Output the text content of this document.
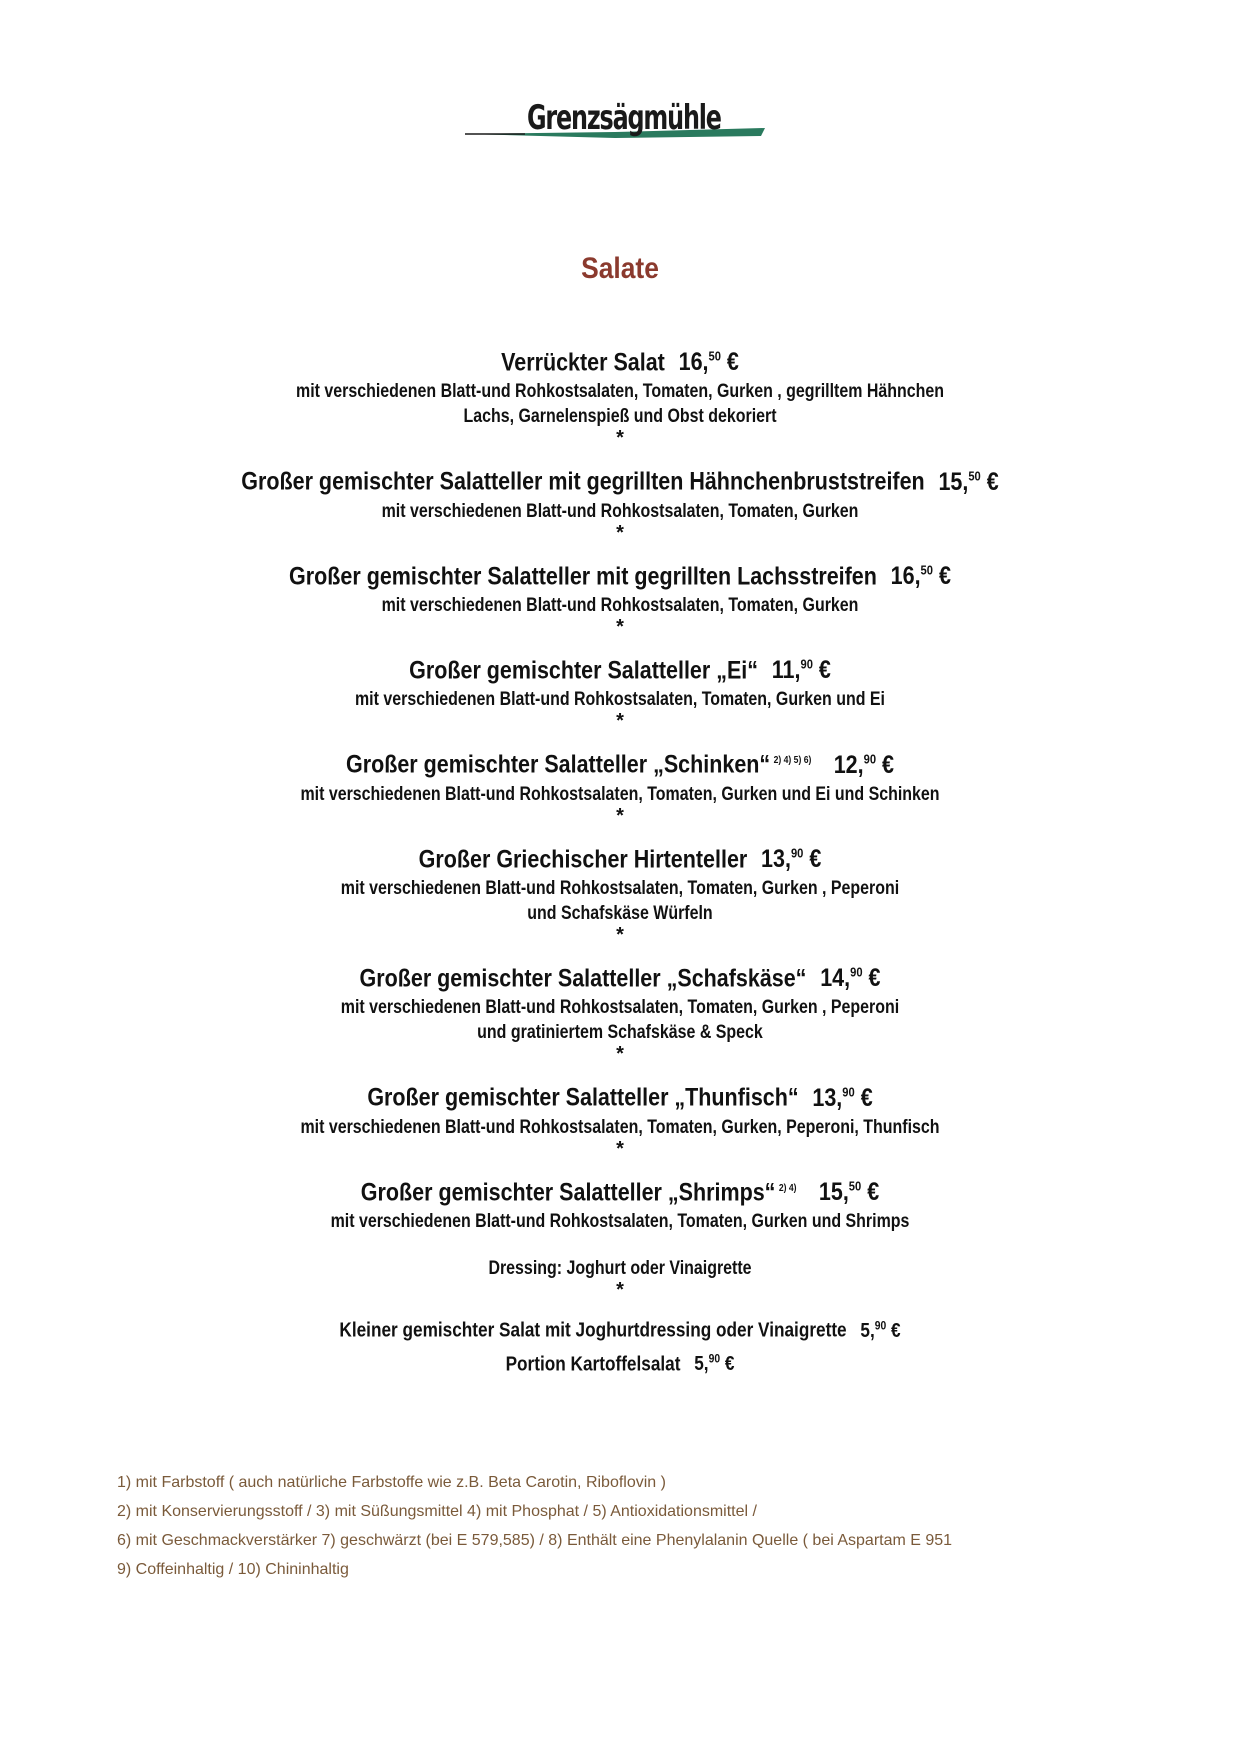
Grenzsägmühle
Salate
Verrückter Salat 16,50 €
mit verschiedenen Blatt-und Rohkostsalaten, Tomaten, Gurken , gegrilltem Hähnchen
Lachs, Garnelenspieß und Obst dekoriert
*
Großer gemischter Salatteller mit gegrillten Hähnchenbruststreifen 15,50 €
mit verschiedenen Blatt-und Rohkostsalaten, Tomaten, Gurken
*
Großer gemischter Salatteller mit gegrillten Lachsstreifen 16,50 €
mit verschiedenen Blatt-und Rohkostsalaten, Tomaten, Gurken
*
Großer gemischter Salatteller „Ei“ 11,90 €
mit verschiedenen Blatt-und Rohkostsalaten, Tomaten, Gurken und Ei
*
Großer gemischter Salatteller „Schinken“ $^{2) 4) 5) 6)}$ 12,90 €
mit verschiedenen Blatt-und Rohkostsalaten, Tomaten, Gurken und Ei und Schinken
*
Großer Griechischer Hirtenteller 13,90 €
mit verschiedenen Blatt-und Rohkostsalaten, Tomaten, Gurken , Peperoni
und Schafskäse Würfeln
*
Großer gemischter Salatteller „Schafskäse“ 14,90 €
mit verschiedenen Blatt-und Rohkostsalaten, Tomaten, Gurken , Peperoni
und gratiniertem Schafskäse & Speck
*
Großer gemischter Salatteller „Thunfisch“ 13,90 €
mit verschiedenen Blatt-und Rohkostsalaten, Tomaten, Gurken, Peperoni, Thunfisch
*
Großer gemischter Salatteller „Shrimps“ $^{2) 4)}$ 15,50 €
mit verschiedenen Blatt-und Rohkostsalaten, Tomaten, Gurken und Shrimps
Dressing: Joghurt oder Vinaigrette
*
Kleiner gemischter Salat mit Joghurtdressing oder Vinaigrette 5,90 €
Portion Kartoffelsalat 5,90 €
1) mit Farbstoff ( auch natürliche Farbstoffe wie z.B. Beta Carotin, Riboflovin )
2) mit Konservierungsstoff / 3) mit Süßungsmittel 4) mit Phosphat / 5) Antioxidationsmittel /
6) mit Geschmackverstärker 7) geschwärzt (bei E 579,585) / 8) Enthält eine Phenylalanin Quelle ( bei Aspartam E 951
9) Coffeinhaltig / 10) Chininhaltig
